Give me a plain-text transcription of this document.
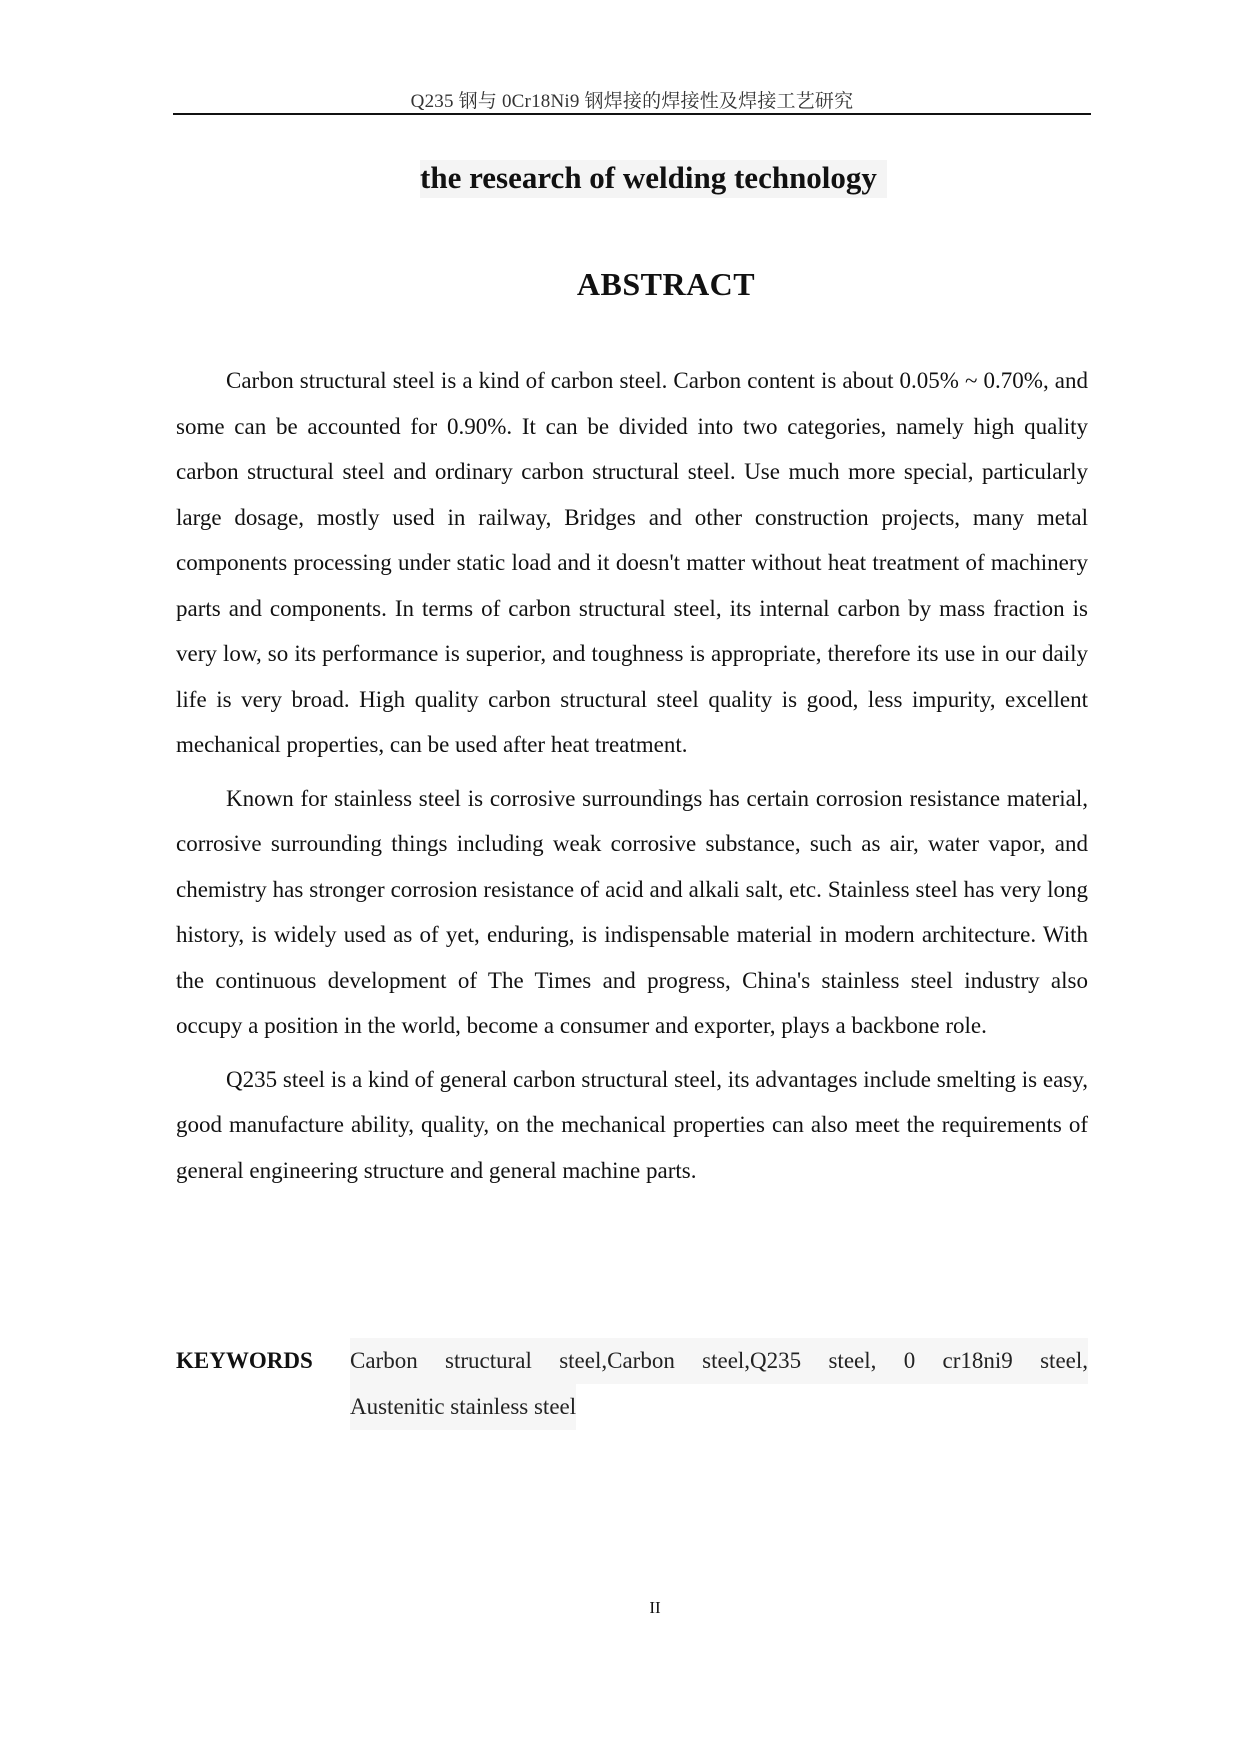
Q235 钢与 0Cr18Ni9 钢焊接的焊接性及焊接工艺研究
the research of welding technology
ABSTRACT

Carbon structural steel is a kind of carbon steel. Carbon content is about 0.05% ~ 0.70%, and some can be accounted for 0.90%. It can be divided into two categories, namely high quality carbon structural steel and ordinary carbon structural steel. Use much more special, particularly large dosage, mostly used in railway, Bridges and other construction projects, many metal components processing under static load and it doesn't matter without heat treatment of machinery parts and components. In terms of carbon structural steel, its internal carbon by mass fraction is very low, so its performance is superior, and toughness is appropriate, therefore its use in our daily life is very broad. High quality carbon structural steel quality is good, less impurity, excellent mechanical properties, can be used after heat treatment.

Known for stainless steel is corrosive surroundings has certain corrosion resistance material, corrosive surrounding things including weak corrosive substance, such as air, water vapor, and chemistry has stronger corrosion resistance of acid and alkali salt, etc. Stainless steel has very long history, is widely used as of yet, enduring, is indispensable material in modern architecture. With the continuous development of The Times and progress, China's stainless steel industry also occupy a position in the world, become a consumer and exporter, plays a backbone role.

Q235 steel is a kind of general carbon structural steel, its advantages include smelting is easy, good manufacture ability, quality, on the mechanical properties can also meet the requirements of general engineering structure and general machine parts.

KEYWORDS Carbon structural steel,Carbon steel,Q235 steel, 0 cr18ni9 steel,
Austenitic stainless steel
II
